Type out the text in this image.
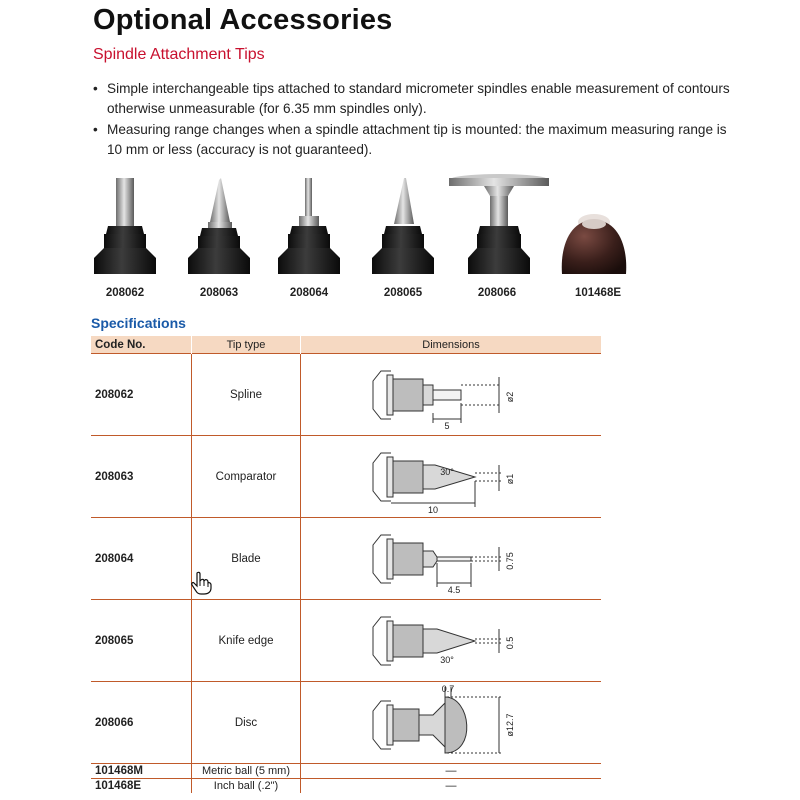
Optional Accessories
Spindle Attachment Tips
• Simple interchangeable tips attached to standard micrometer spindles enable measurement of contours otherwise unmeasurable (for 6.35 mm spindles only).
• Measuring range changes when a spindle attachment tip is mounted: the maximum measuring range is 10 mm or less (accuracy is not guaranteed).
208062	208063	208064	208065	208066	101468E
Specifications
Code No.	Tip type	Dimensions
208062	Spline	5
ø2

208063	Comparator	30°
10
ø1

208064	Blade	4.5
0.75

208065	Knife edge	30°
0.5

208066	Disc	0.7
ø12.7

101468M	Metric ball (5 mm)	—
101468E	Inch ball (.2")	—
